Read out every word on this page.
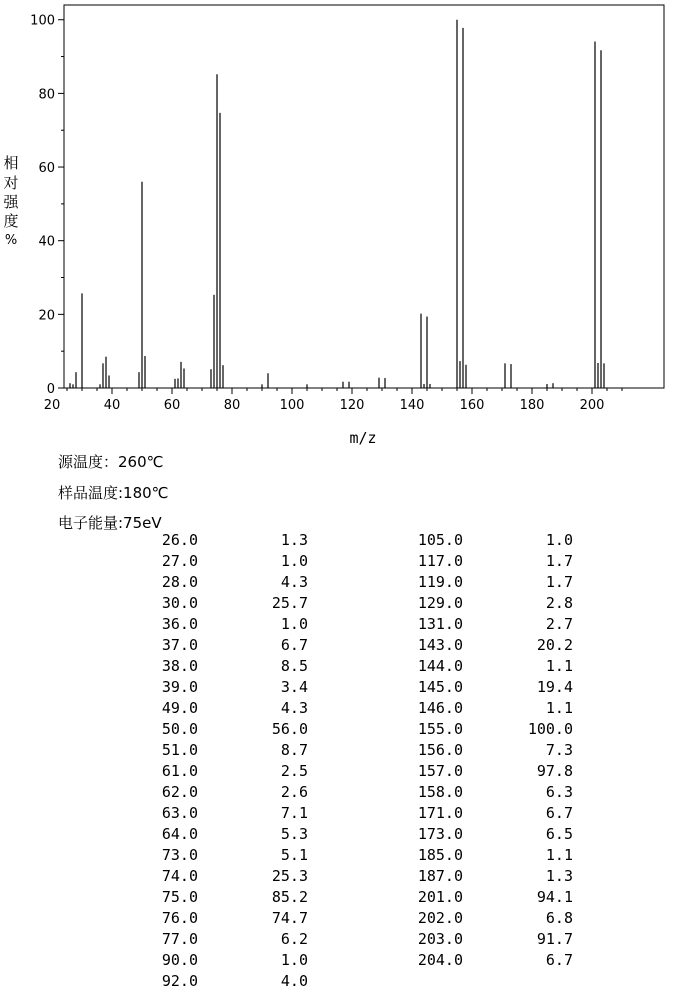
20	40	60	80	100	120	140	160	180	200
0
20
40
60
80
100
m/z
相
对
强
度
%
源温度：260℃
样品温度:180℃
电子能量:75eV
26.0	1.3
27.0	1.0
28.0	4.3
30.0	25.7
36.0	1.0
37.0	6.7
38.0	8.5
39.0	3.4
49.0	4.3
50.0	56.0
51.0	8.7
61.0	2.5
62.0	2.6
63.0	7.1
64.0	5.3
73.0	5.1
74.0	25.3
75.0	85.2
76.0	74.7
77.0	6.2
90.0	1.0
92.0	4.0
105.0	1.0
117.0	1.7
119.0	1.7
129.0	2.8
131.0	2.7
143.0	20.2
144.0	1.1
145.0	19.4
146.0	1.1
155.0	100.0
156.0	7.3
157.0	97.8
158.0	6.3
171.0	6.7
173.0	6.5
185.0	1.1
187.0	1.3
201.0	94.1
202.0	6.8
203.0	91.7
204.0	6.7
